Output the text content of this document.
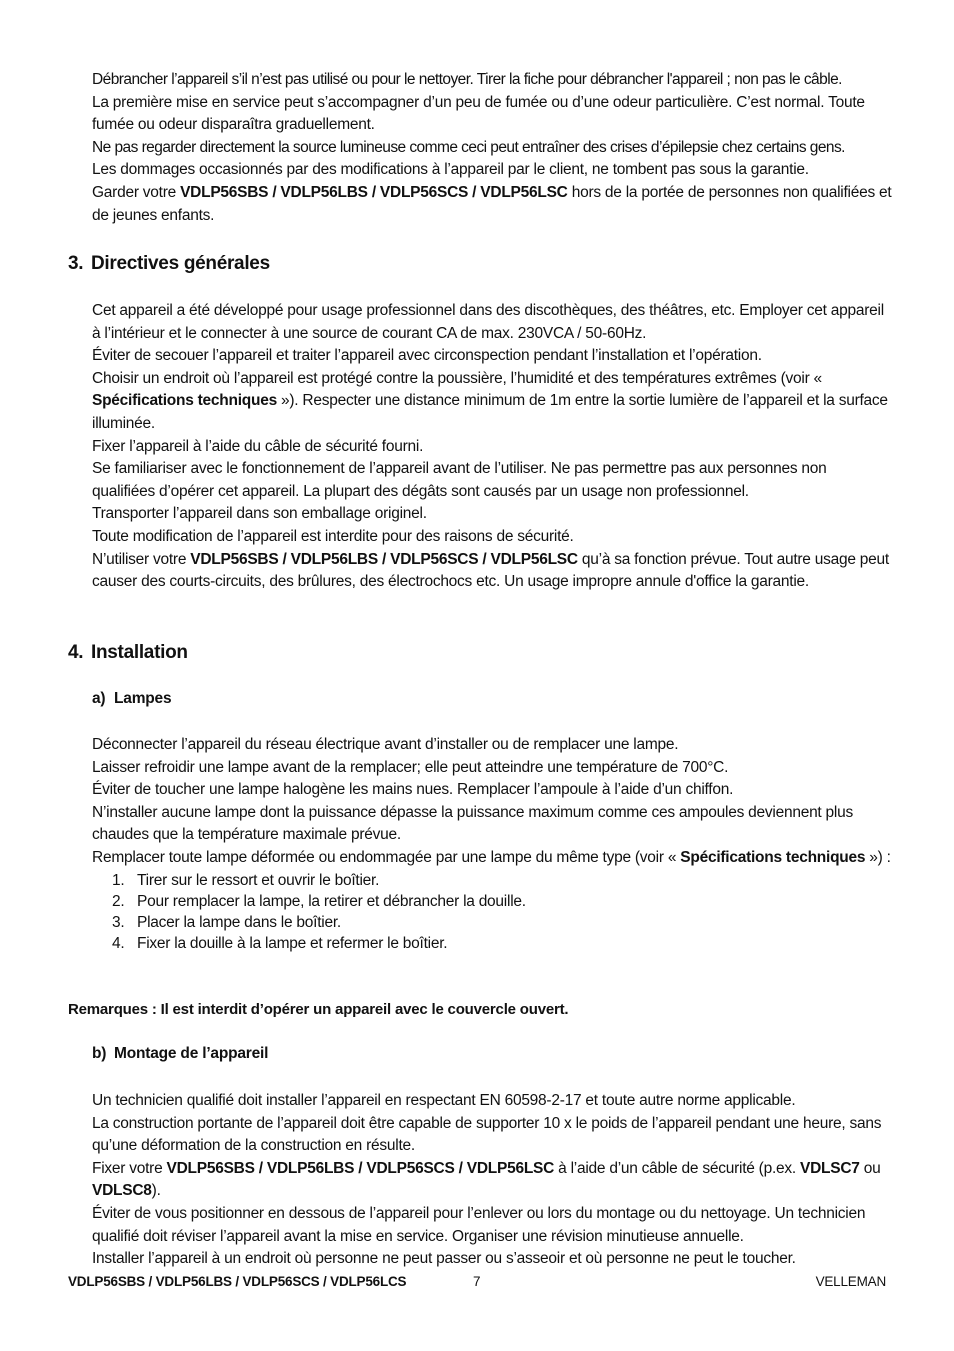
Débrancher l’appareil s’il n’est pas utilisé ou pour le nettoyer. Tirer la fiche pour débrancher l'appareil ; non pas le câble.

La première mise en service peut s’accompagner d’un peu de fumée ou d’une odeur particulière. C’est normal. Toute fumée ou odeur disparaîtra graduellement.

Ne pas regarder directement la source lumineuse comme ceci peut entraîner des crises d’épilepsie chez certains gens.

Les dommages occasionnés par des modifications à l’appareil par le client, ne tombent pas sous la garantie.

Garder votre VDLP56SBS / VDLP56LBS / VDLP56SCS / VDLP56LSC hors de la portée de personnes non qualifiées et de jeunes enfants.

3. Directives générales

Cet appareil a été développé pour usage professionnel dans des discothèques, des théâtres, etc. Employer cet appareil à l’intérieur et le connecter à une source de courant CA de max. 230VCA / 50-60Hz.

Éviter de secouer l’appareil et traiter l’appareil avec circonspection pendant l’installation et l’opération.

Choisir un endroit où l’appareil est protégé contre la poussière, l’humidité et des températures extrêmes (voir « Spécifications techniques »). Respecter une distance minimum de 1m entre la sortie lumière de l’appareil et la surface illuminée.

Fixer l’appareil à l’aide du câble de sécurité fourni.

Se familiariser avec le fonctionnement de l’appareil avant de l’utiliser. Ne pas permettre pas aux personnes non qualifiées d’opérer cet appareil. La plupart des dégâts sont causés par un usage non professionnel.

Transporter l’appareil dans son emballage originel.

Toute modification de l’appareil est interdite pour des raisons de sécurité.

N’utiliser votre VDLP56SBS / VDLP56LBS / VDLP56SCS / VDLP56LSC qu’à sa fonction prévue. Tout autre usage peut causer des courts-circuits, des brûlures, des électrochocs etc. Un usage impropre annule d'office la garantie.

4. Installation
a) Lampes

Déconnecter l’appareil du réseau électrique avant d’installer ou de remplacer une lampe.

Laisser refroidir une lampe avant de la remplacer; elle peut atteindre une température de 700°C.

Éviter de toucher une lampe halogène les mains nues. Remplacer l’ampoule à l’aide d’un chiffon.

N’installer aucune lampe dont la puissance dépasse la puissance maximum comme ces ampoules deviennent plus chaudes que la température maximale prévue.

Remplacer toute lampe déformée ou endommagée par une lampe du même type (voir « Spécifications techniques ») :

1. Tirer sur le ressort et ouvrir le boîtier.
2. Pour remplacer la lampe, la retirer et débrancher la douille.
3. Placer la lampe dans le boîtier.
4. Fixer la douille à la lampe et refermer le boîtier.
Remarques : Il est interdit d’opérer un appareil avec le couvercle ouvert.
b) Montage de l’appareil

Un technicien qualifié doit installer l’appareil en respectant EN 60598-2-17 et toute autre norme applicable.

La construction portante de l’appareil doit être capable de supporter 10 x le poids de l’appareil pendant une heure, sans qu’une déformation de la construction en résulte.

Fixer votre VDLP56SBS / VDLP56LBS / VDLP56SCS / VDLP56LSC à l’aide d’un câble de sécurité (p.ex. VDLSC7 ou VDLSC8).

Éviter de vous positionner en dessous de l’appareil pour l’enlever ou lors du montage ou du nettoyage. Un technicien qualifié doit réviser l’appareil avant la mise en service. Organiser une révision minutieuse annuelle.

Installer l’appareil à un endroit où personne ne peut passer ou s’asseoir et où personne ne peut le toucher.

VDLP56SBS / VDLP56LBS / VDLP56SCS / VDLP56LCS	7	VELLEMAN
